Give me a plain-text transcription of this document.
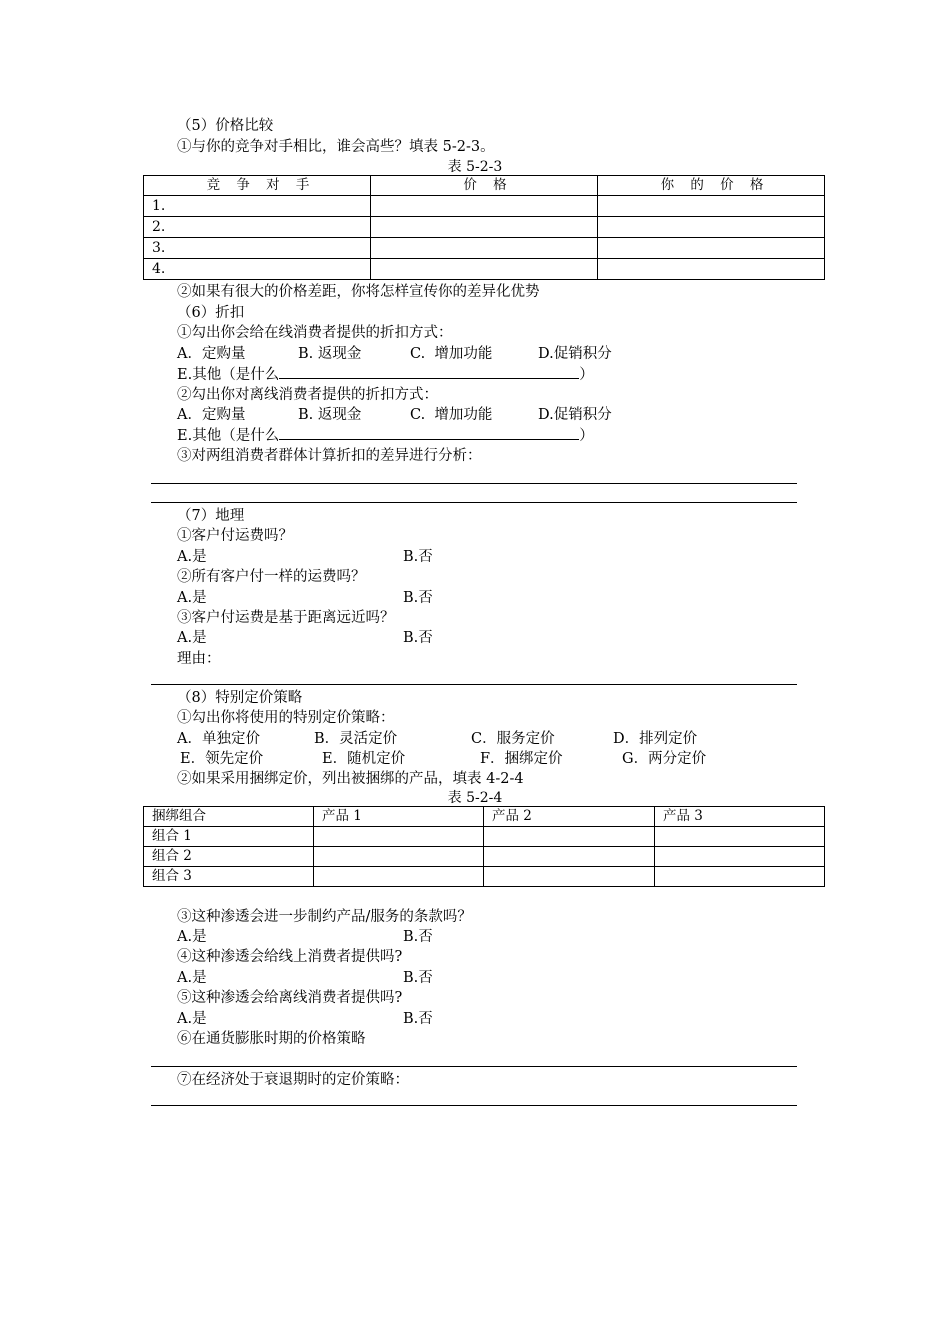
（5）价格比较
①与你的竞争对手相比，谁会高些？填表 5-2-3。
表 5-2-3
竞 争 对 手	价 格	你 的 价 格
1.		
2.		
3.		
4.		
②如果有很大的价格差距，你将怎样宣传你的差异化优势
（6）折扣
①勾出你会给在线消费者提供的折扣方式：
A．定购量	B. 返现金	C.  增加功能	D.促销积分
E.其他（是什么	）
②勾出你对离线消费者提供的折扣方式：
A．定购量	B. 返现金	C.  增加功能	D.促销积分
E.其他（是什么	）
③对两组消费者群体计算折扣的差异进行分析：
（7）地理
①客户付运费吗？
A.是	B.否
②所有客户付一样的运费吗？
A.是	B.否
③客户付运费是基于距离远近吗？
A.是	B.否
理由：
（8）特别定价策略
①勾出你将使用的特别定价策略：
A．单独定价	B．灵活定价	C．服务定价	D．排列定价
E．领先定价	E．随机定价	F．捆绑定价	G．两分定价
②如果采用捆绑定价，列出被捆绑的产品，填表 4-2-4
表 5-2-4
捆绑组合	产品 1	产品 2	产品 3
组合 1			
组合 2			
组合 3			
③这种渗透会进一步制约产品/服务的条款吗？
A.是	B.否
④这种渗透会给线上消费者提供吗?
A.是	B.否
⑤这种渗透会给离线消费者提供吗?
A.是	B.否
⑥在通货膨胀时期的价格策略
⑦在经济处于衰退期时的定价策略：
